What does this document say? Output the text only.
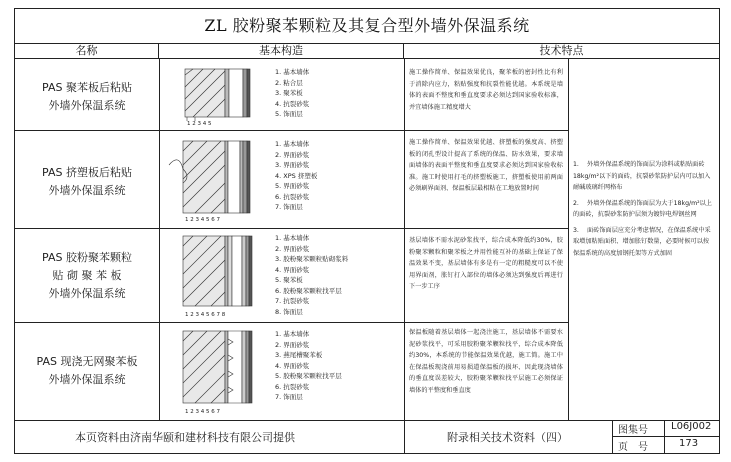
ZL 胶粉聚苯颗粒及其复合型外墙外保温系统
名称	基本构造	技术特点
PAS 聚苯板后粘贴
外墙外保温系统
1 2 3 4 5
1. 基本墙体
2. 粘合层
3. 聚苯板
4. 抗裂砂浆
5. 饰面层
施工操作简单、保温效果优良，聚苯板的密封性比有利于消除内应力，粘贴强度和抗裂性能优越。本系统是墙体的表面不整度和垂直度要求必须达到国家验收标准，并宜墙体施工精度增大
PAS 挤塑板后粘贴
外墙外保温系统
1 2 3 4 5 6 7
1. 基本墙体
2. 界面砂浆
3. 界面砂浆
4. XPS 挤塑板
5. 界面砂浆
6. 抗裂砂浆
7. 饰面层
施工操作简单、保温效果优越、挤塑板的强度高、挤塑板的闭孔型设计提高了系统的保温、防水效果，要求墙面墙体的表面平整度和垂直度要求必须达到国家验收标准。施工时使用打毛的挤塑板施工，挤塑板使用前两面必须刷界面剂、保温板层最相粘在工地放置时间
PAS 胶粉聚苯颗粒
贴 砌 聚 苯 板
外墙外保温系统
1 2 3 4 5 6 7 8
1. 基本墙体
2. 界面砂浆
3. 胶粉聚苯颗粒贴砌浆料
4. 界面砂浆
5. 聚苯板
6. 胶粉聚苯颗粒找平层
7. 抗裂砂浆
8. 饰面层
基层墙体不需水泥砂浆找平，综合成本降低约30%，胶粉聚苯颗粒和聚苯板之并用性能互补的基础上保证了保温效果不变，基层墙体有多是有一定的粗糙度可以不使用界面剂，胀钉打入部位的墙体必须达到强度后再进行下一步工序
PAS 现浇无网聚苯板
外墙外保温系统
1 2 3 4 5 6 7
1. 基本墙体
2. 界面砂浆
3. 燕尾槽聚苯板
4. 界面砂浆
5. 胶粉聚苯颗粒找平层
6. 抗裂砂浆
7. 饰面层
保温板随着基层墙体一起浇注施工，基层墙体不需要水泥砂浆找平，可采用胶粉聚苯颗粒找平，综合成本降低约30%，本系统的节能保温效果优越，施工简。施工中在保温板现浇前用易损道保温板的损坏、因此现浇墙体的垂直度误差较大，胶粉聚苯颗粒找平层施工必须保证墙体的平整度和垂直度
1. 外墙外保温系统的饰面层为涂料或粘贴面砖18kg/m²以下的面砖，抗裂砂浆防护层内可以加入耐碱玻璃纤网格布
2. 外墙外保温系统的饰面层为大于18kg/m²以上的面砖，抗裂砂浆防护层须为镀锌电焊钢丝网
3. 面砖饰面层应充分考虑情况，在保温系统中采取增加粘贴面积、增加胀钉数量，必要时候可以按保温系统的高度加钢托架等方式加固
本页资料由济南华颐和建材科技有限公司提供	附录相关技术资料（四）
图集号 L06J002
页　号	173
